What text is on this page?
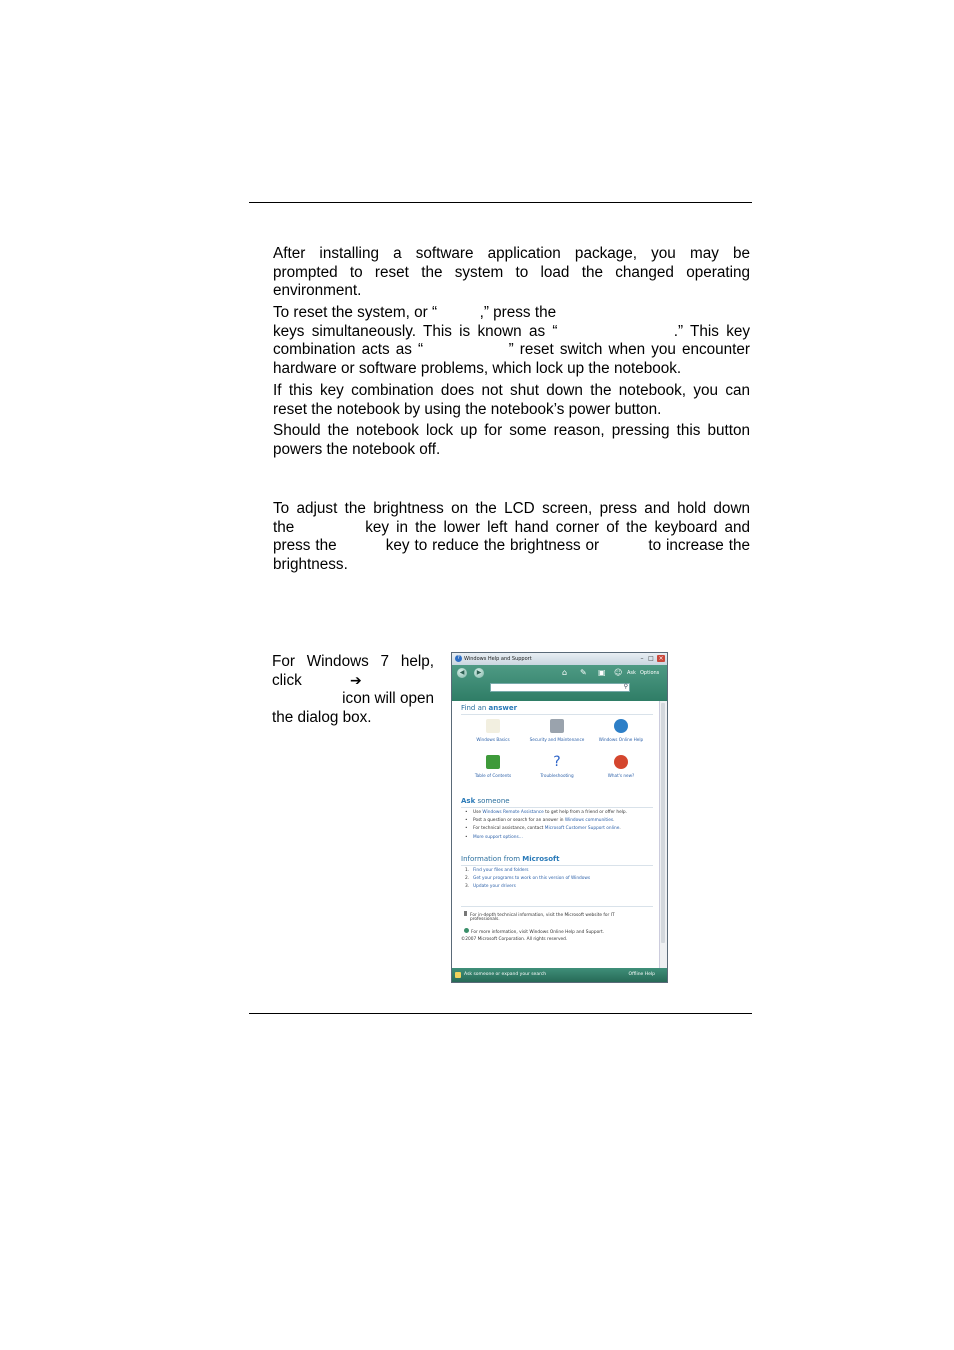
After installing a software application package, you may be
prompted to reset the system to load the changed operating
environment.

To reset the system, or “          ,” press the
keys simultaneously. This is known as “                .” This key
combination acts as “              ” reset switch when you encounter
hardware or software problems, which lock up the notebook.

If this key combination does not shut down the notebook, you can
reset the notebook by using the notebook’s power button.

Should the notebook lock up for some reason, pressing this button
powers the notebook off.

To adjust the brightness on the LCD screen, press and hold down
the          key in the lower left hand corner of the keyboard and
press the          key to reduce the brightness or          to increase the
brightness.

For Windows 7 help,
click	➔
icon will open
the dialog box.

? Windows Help and Support	– □ ×
◀	▶	⌂ ✎ ▣ ☺ Ask Options
⚲
Find an answer
Windows Basics	Security and Maintenance	Windows Online Help
Table of Contents
?
Troubleshooting	What's new?
Ask someone
• Use Windows Remote Assistance to get help from a friend or offer help.
• Post a question or search for an answer in Windows communities.
• For technical assistance, contact Microsoft Customer Support online.
• More support options...
Information from Microsoft
1. Find your files and folders
2. Get your programs to work on this version of Windows
3. Update your drivers
For in-depth technical information, visit the Microsoft website for IT
professionals.
For more information, visit Windows Online Help and Support.
©2007 Microsoft Corporation. All rights reserved.
Ask someone or expand your search	Offline Help
